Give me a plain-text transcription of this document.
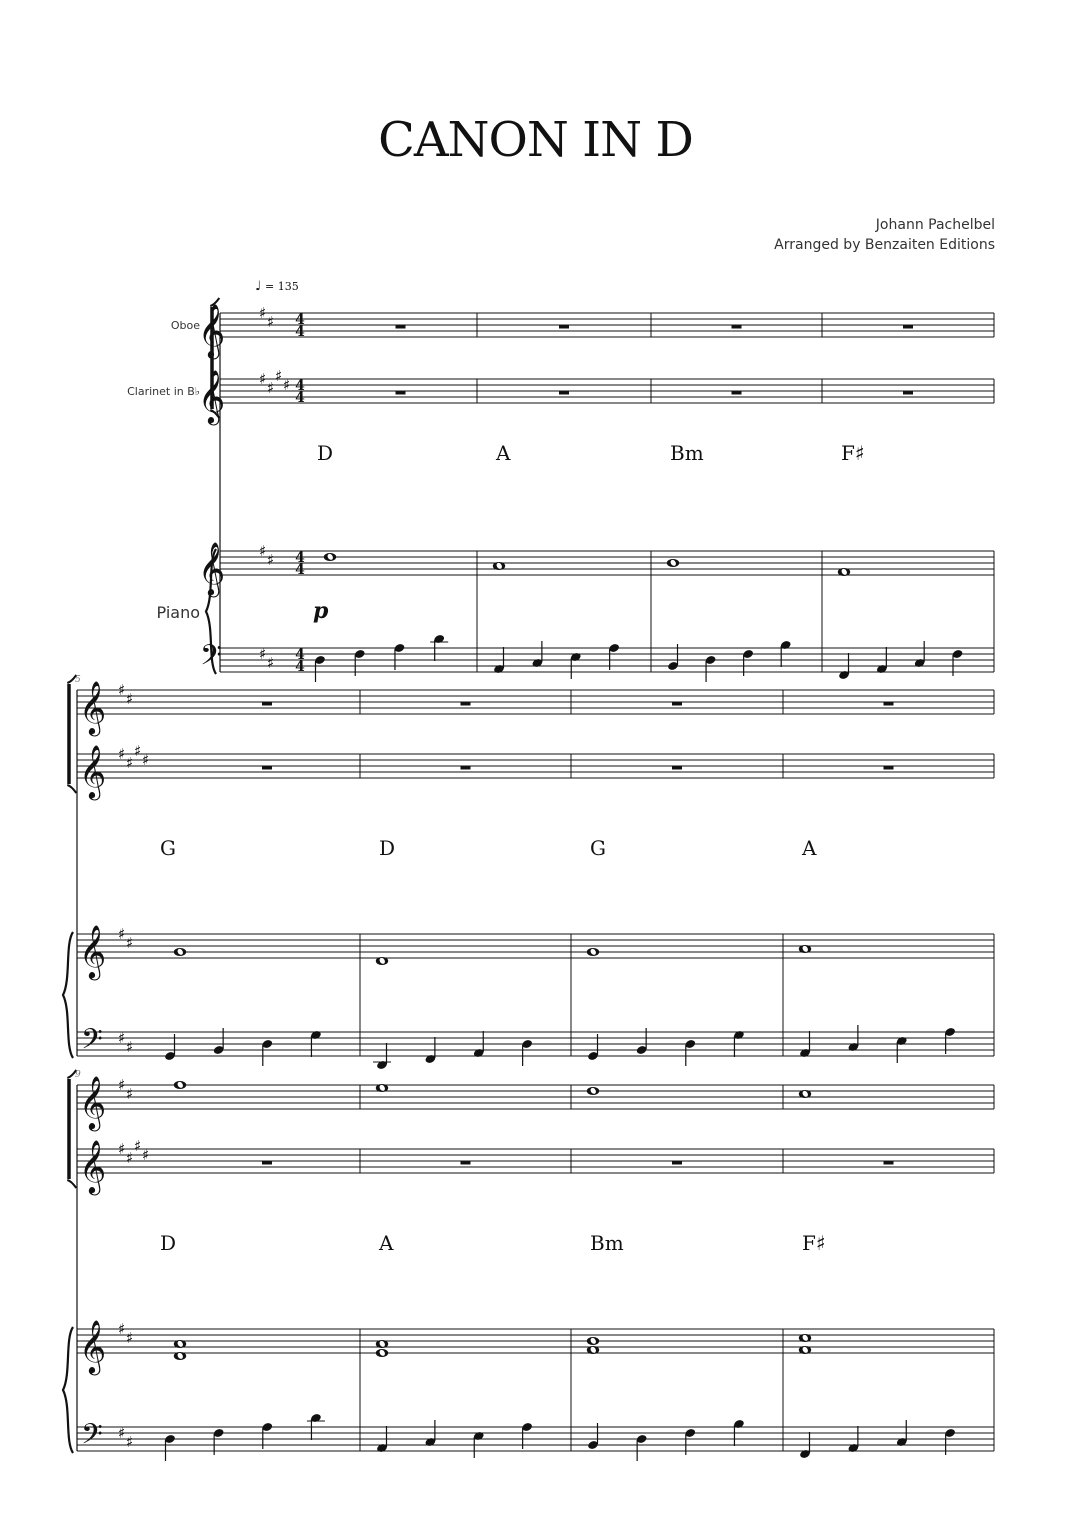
CANON IN D
Johann Pachelbel
Arranged by Benzaiten Editions
♩ = 135
𝄞
𝄞
𝄞
𝄢
♯ ♯
♯ ♯
♯ ♯
♯ ♯
♯ ♯
4
4
4
4
4
4
4
4
Oboe
Clarinet in B♭
Piano	p
D	A	Bm	F♯
𝄞
𝄞
𝄞
𝄢
♯ ♯
♯ ♯
♯ ♯
♯ ♯
♯ ♯
5
G	D	G	A
𝄞
𝄞
𝄞
𝄢
♯ ♯
♯ ♯
♯ ♯
♯ ♯
♯ ♯
9
D	A	Bm	F♯
